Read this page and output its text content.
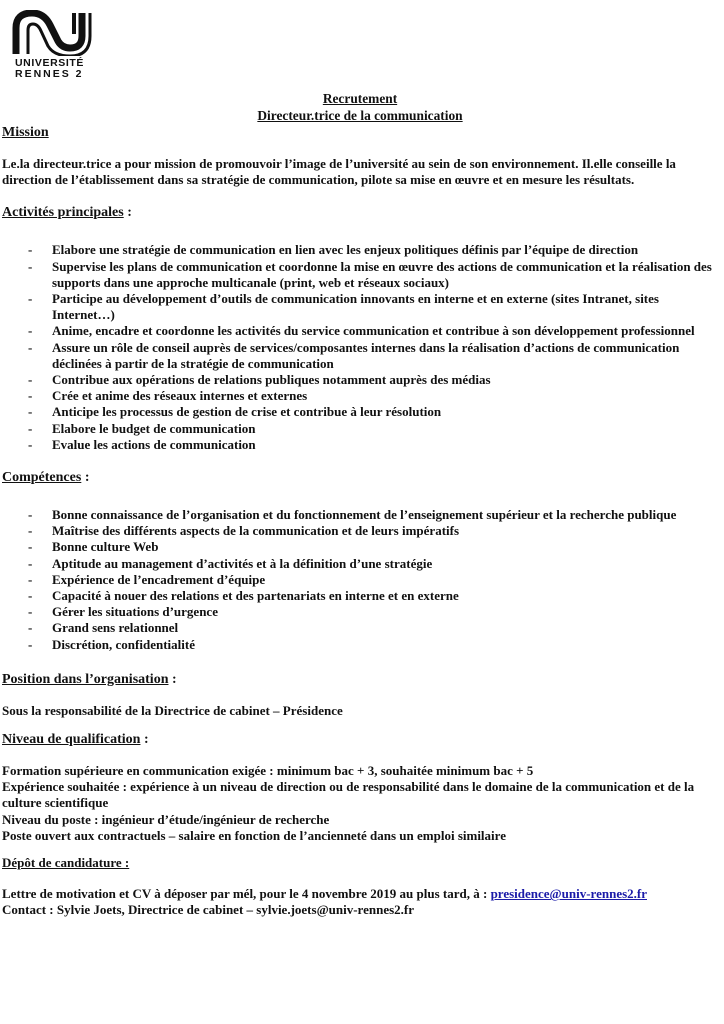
UNIVERSITÉ
RENNES 2
Recrutement
Directeur.trice de la communication
Mission

Le.la directeur.trice a pour mission de promouvoir l’image de l’université au sein de son environnement. Il.elle conseille la direction de l’établissement dans sa stratégie de communication, pilote sa mise en œuvre et en mesure les résultats.

Activités principales :
- Elabore une stratégie de communication en lien avec les enjeux politiques définis par l’équipe de direction
- Supervise les plans de communication et coordonne la mise en œuvre des actions de communication et la réalisation des supports dans une approche multicanale (print, web et réseaux sociaux)
- Participe au développement d’outils de communication innovants en interne et en externe (sites Intranet, sites Internet…)
- Anime, encadre et coordonne les activités du service communication et contribue à son développement professionnel
- Assure un rôle de conseil auprès de services/composantes internes dans la réalisation d’actions de communication déclinées à partir de la stratégie de communication
- Contribue aux opérations de relations publiques notamment auprès des médias
- Crée et anime des réseaux internes et externes
- Anticipe les processus de gestion de crise et contribue à leur résolution
- Elabore le budget de communication
- Evalue les actions de communication
Compétences :
- Bonne connaissance de l’organisation et du fonctionnement de l’enseignement supérieur et la recherche publique
- Maîtrise des différents aspects de la communication et de leurs impératifs
- Bonne culture Web
- Aptitude au management d’activités et à la définition d’une stratégie
- Expérience de l’encadrement d’équipe
- Capacité à nouer des relations et des partenariats en interne et en externe
- Gérer les situations d’urgence
- Grand sens relationnel
- Discrétion, confidentialité
Position dans l’organisation :

Sous la responsabilité de la Directrice de cabinet – Présidence

Niveau de qualification :

Formation supérieure en communication exigée : minimum bac + 3, souhaitée minimum bac + 5

Expérience souhaitée : expérience à un niveau de direction ou de responsabilité dans le domaine de la communication et de la culture scientifique

Niveau du poste : ingénieur d’étude/ingénieur de recherche

Poste ouvert aux contractuels – salaire en fonction de l’ancienneté dans un emploi similaire

Dépôt de candidature :

Lettre de motivation et CV à déposer par mél, pour le 4 novembre 2019 au plus tard, à : presidence@univ-rennes2.fr

Contact : Sylvie Joets, Directrice de cabinet – sylvie.joets@univ-rennes2.fr
